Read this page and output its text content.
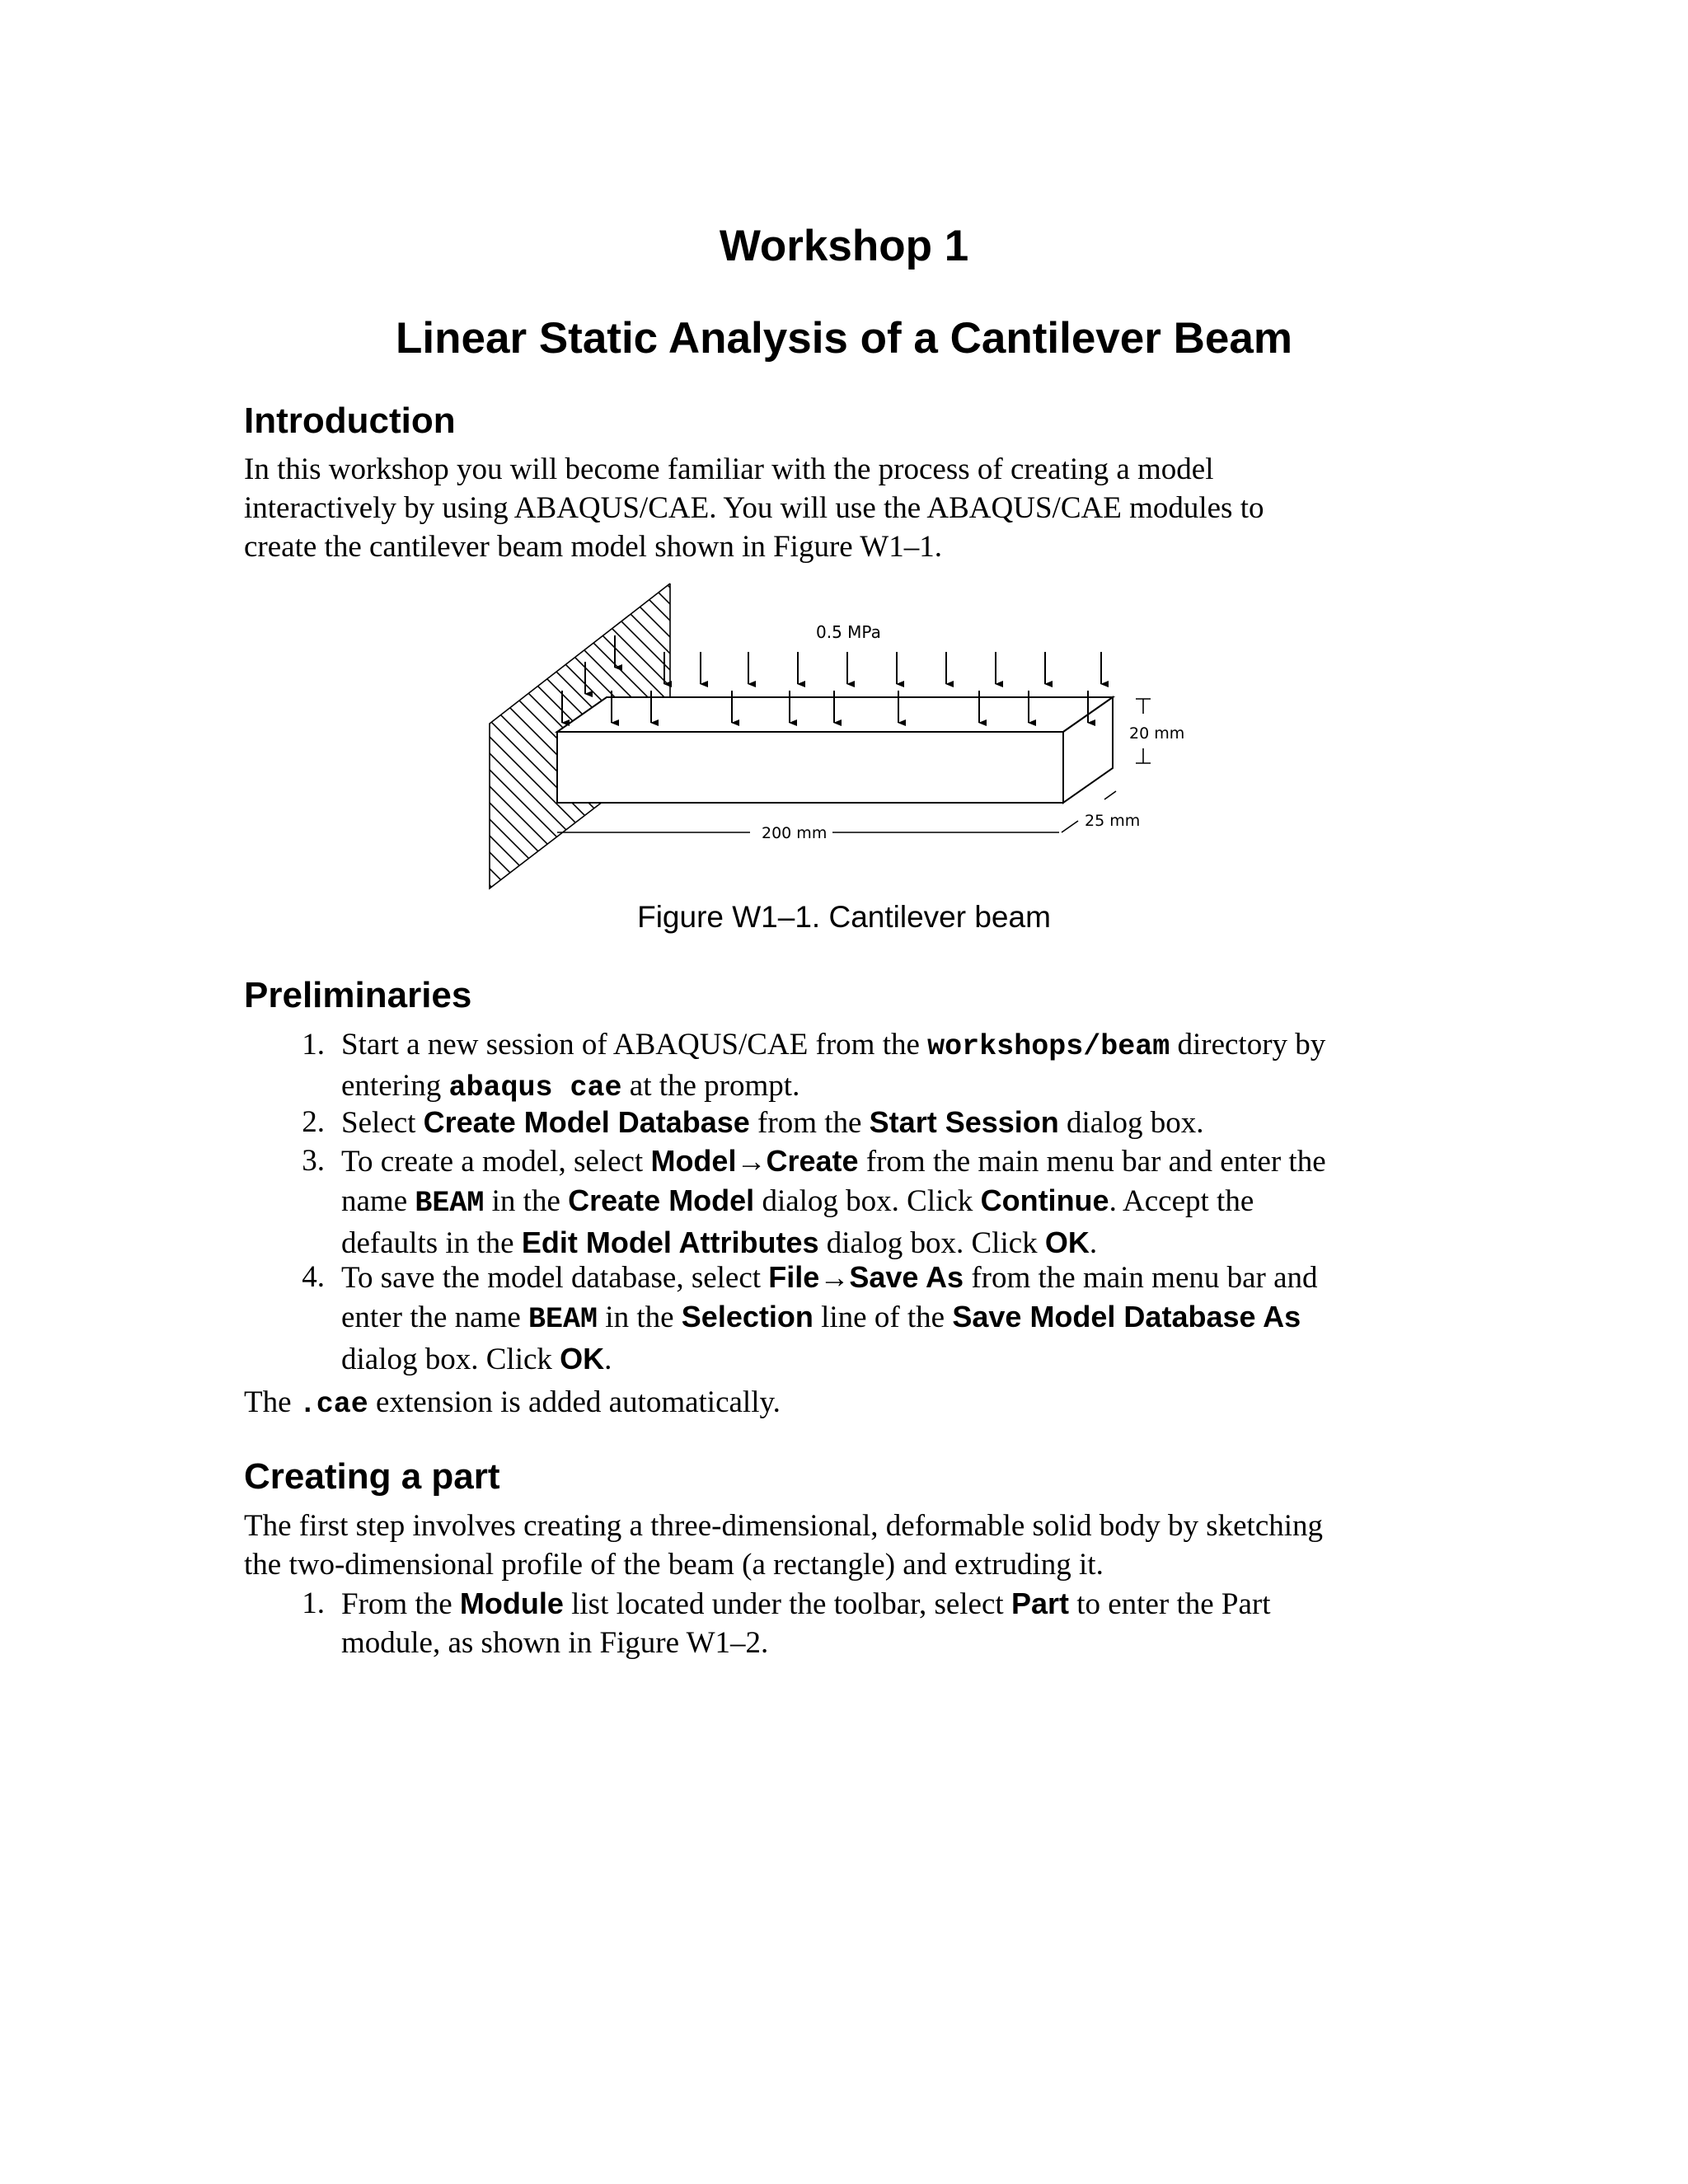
Workshop 1
Linear Static Analysis of a Cantilever Beam
Introduction
In this workshop you will become familiar with the process of creating a model
interactively by using ABAQUS/CAE. You will use the ABAQUS/CAE modules to
create the cantilever beam model shown in Figure W1–1.
0.5 MPa
20 mm
200 mm
25 mm
Figure W1–1. Cantilever beam
Preliminaries
1. Start a new session of ABAQUS/CAE from the workshops/beam directory by
entering abaqus cae at the prompt.
2. Select Create Model Database from the Start Session dialog box.
3. To create a model, select Model→Create from the main menu bar and enter the
name BEAM in the Create Model dialog box. Click Continue. Accept the
defaults in the Edit Model Attributes dialog box. Click OK.
4. To save the model database, select File→Save As from the main menu bar and
enter the name BEAM in the Selection line of the Save Model Database As
dialog box. Click OK.
The .cae extension is added automatically.
Creating a part
The first step involves creating a three-dimensional, deformable solid body by sketching
the two-dimensional profile of the beam (a rectangle) and extruding it.
1. From the Module list located under the toolbar, select Part to enter the Part
module, as shown in Figure W1–2.
